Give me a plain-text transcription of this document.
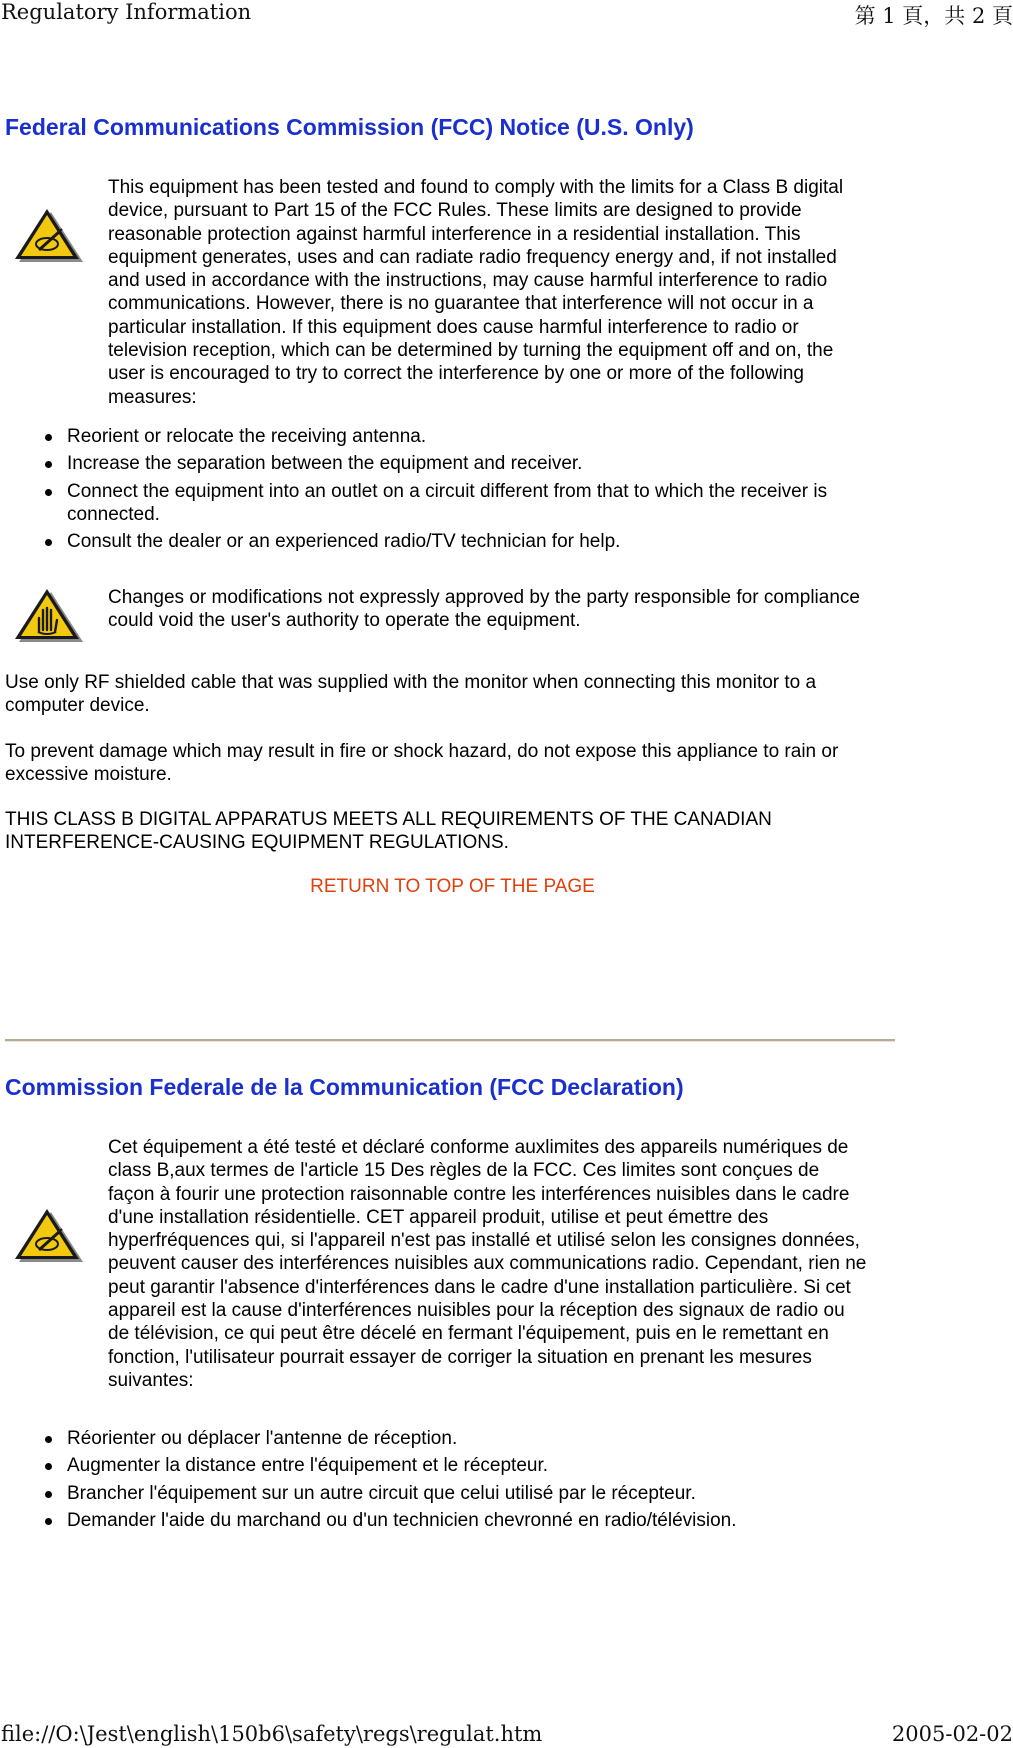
Regulatory Information	第 1 頁，共 2 頁
Federal Communications Commission (FCC) Notice (U.S. Only)
This equipment has been tested and found to comply with the limits for a Class B digital device, pursuant to Part 15 of the FCC Rules. These limits are designed to provide reasonable protection against harmful interference in a residential installation. This equipment generates, uses and can radiate radio frequency energy and, if not installed and used in accordance with the instructions, may cause harmful interference to radio communications. However, there is no guarantee that interference will not occur in a particular installation. If this equipment does cause harmful interference to radio or television reception, which can be determined by turning the equipment off and on, the user is encouraged to try to correct the interference by one or more of the following measures:
Reorient or relocate the receiving antenna.
Increase the separation between the equipment and receiver.
Connect the equipment into an outlet on a circuit different from that to which the receiver is connected.
Consult the dealer or an experienced radio/TV technician for help.
Changes or modifications not expressly approved by the party responsible for compliance could void the user's authority to operate the equipment.
Use only RF shielded cable that was supplied with the monitor when connecting this monitor to a computer device.
To prevent damage which may result in fire or shock hazard, do not expose this appliance to rain or excessive moisture.
THIS CLASS B DIGITAL APPARATUS MEETS ALL REQUIREMENTS OF THE CANADIAN INTERFERENCE-CAUSING EQUIPMENT REGULATIONS.
RETURN TO TOP OF THE PAGE
Commission Federale de la Communication (FCC Declaration)
Cet équipement a été testé et déclaré conforme auxlimites des appareils numériques de class B,aux termes de l'article 15 Des règles de la FCC. Ces limites sont conçues de façon à fourir une protection raisonnable contre les interférences nuisibles dans le cadre d'une installation résidentielle. CET appareil produit, utilise et peut émettre des hyperfréquences qui, si l'appareil n'est pas installé et utilisé selon les consignes données, peuvent causer des interférences nuisibles aux communications radio. Cependant, rien ne peut garantir l'absence d'interférences dans le cadre d'une installation particulière. Si cet appareil est la cause d'interférences nuisibles pour la réception des signaux de radio ou de télévision, ce qui peut être décelé en fermant l'équipement, puis en le remettant en fonction, l'utilisateur pourrait essayer de corriger la situation en prenant les mesures suivantes:
Réorienter ou déplacer l'antenne de réception.
Augmenter la distance entre l'équipement et le récepteur.
Brancher l'équipement sur un autre circuit que celui utilisé par le récepteur.
Demander l'aide du marchand ou d'un technicien chevronné en radio/télévision.
file://O:\Jest\english\150b6\safety\regs\regulat.htm	2005-02-02
